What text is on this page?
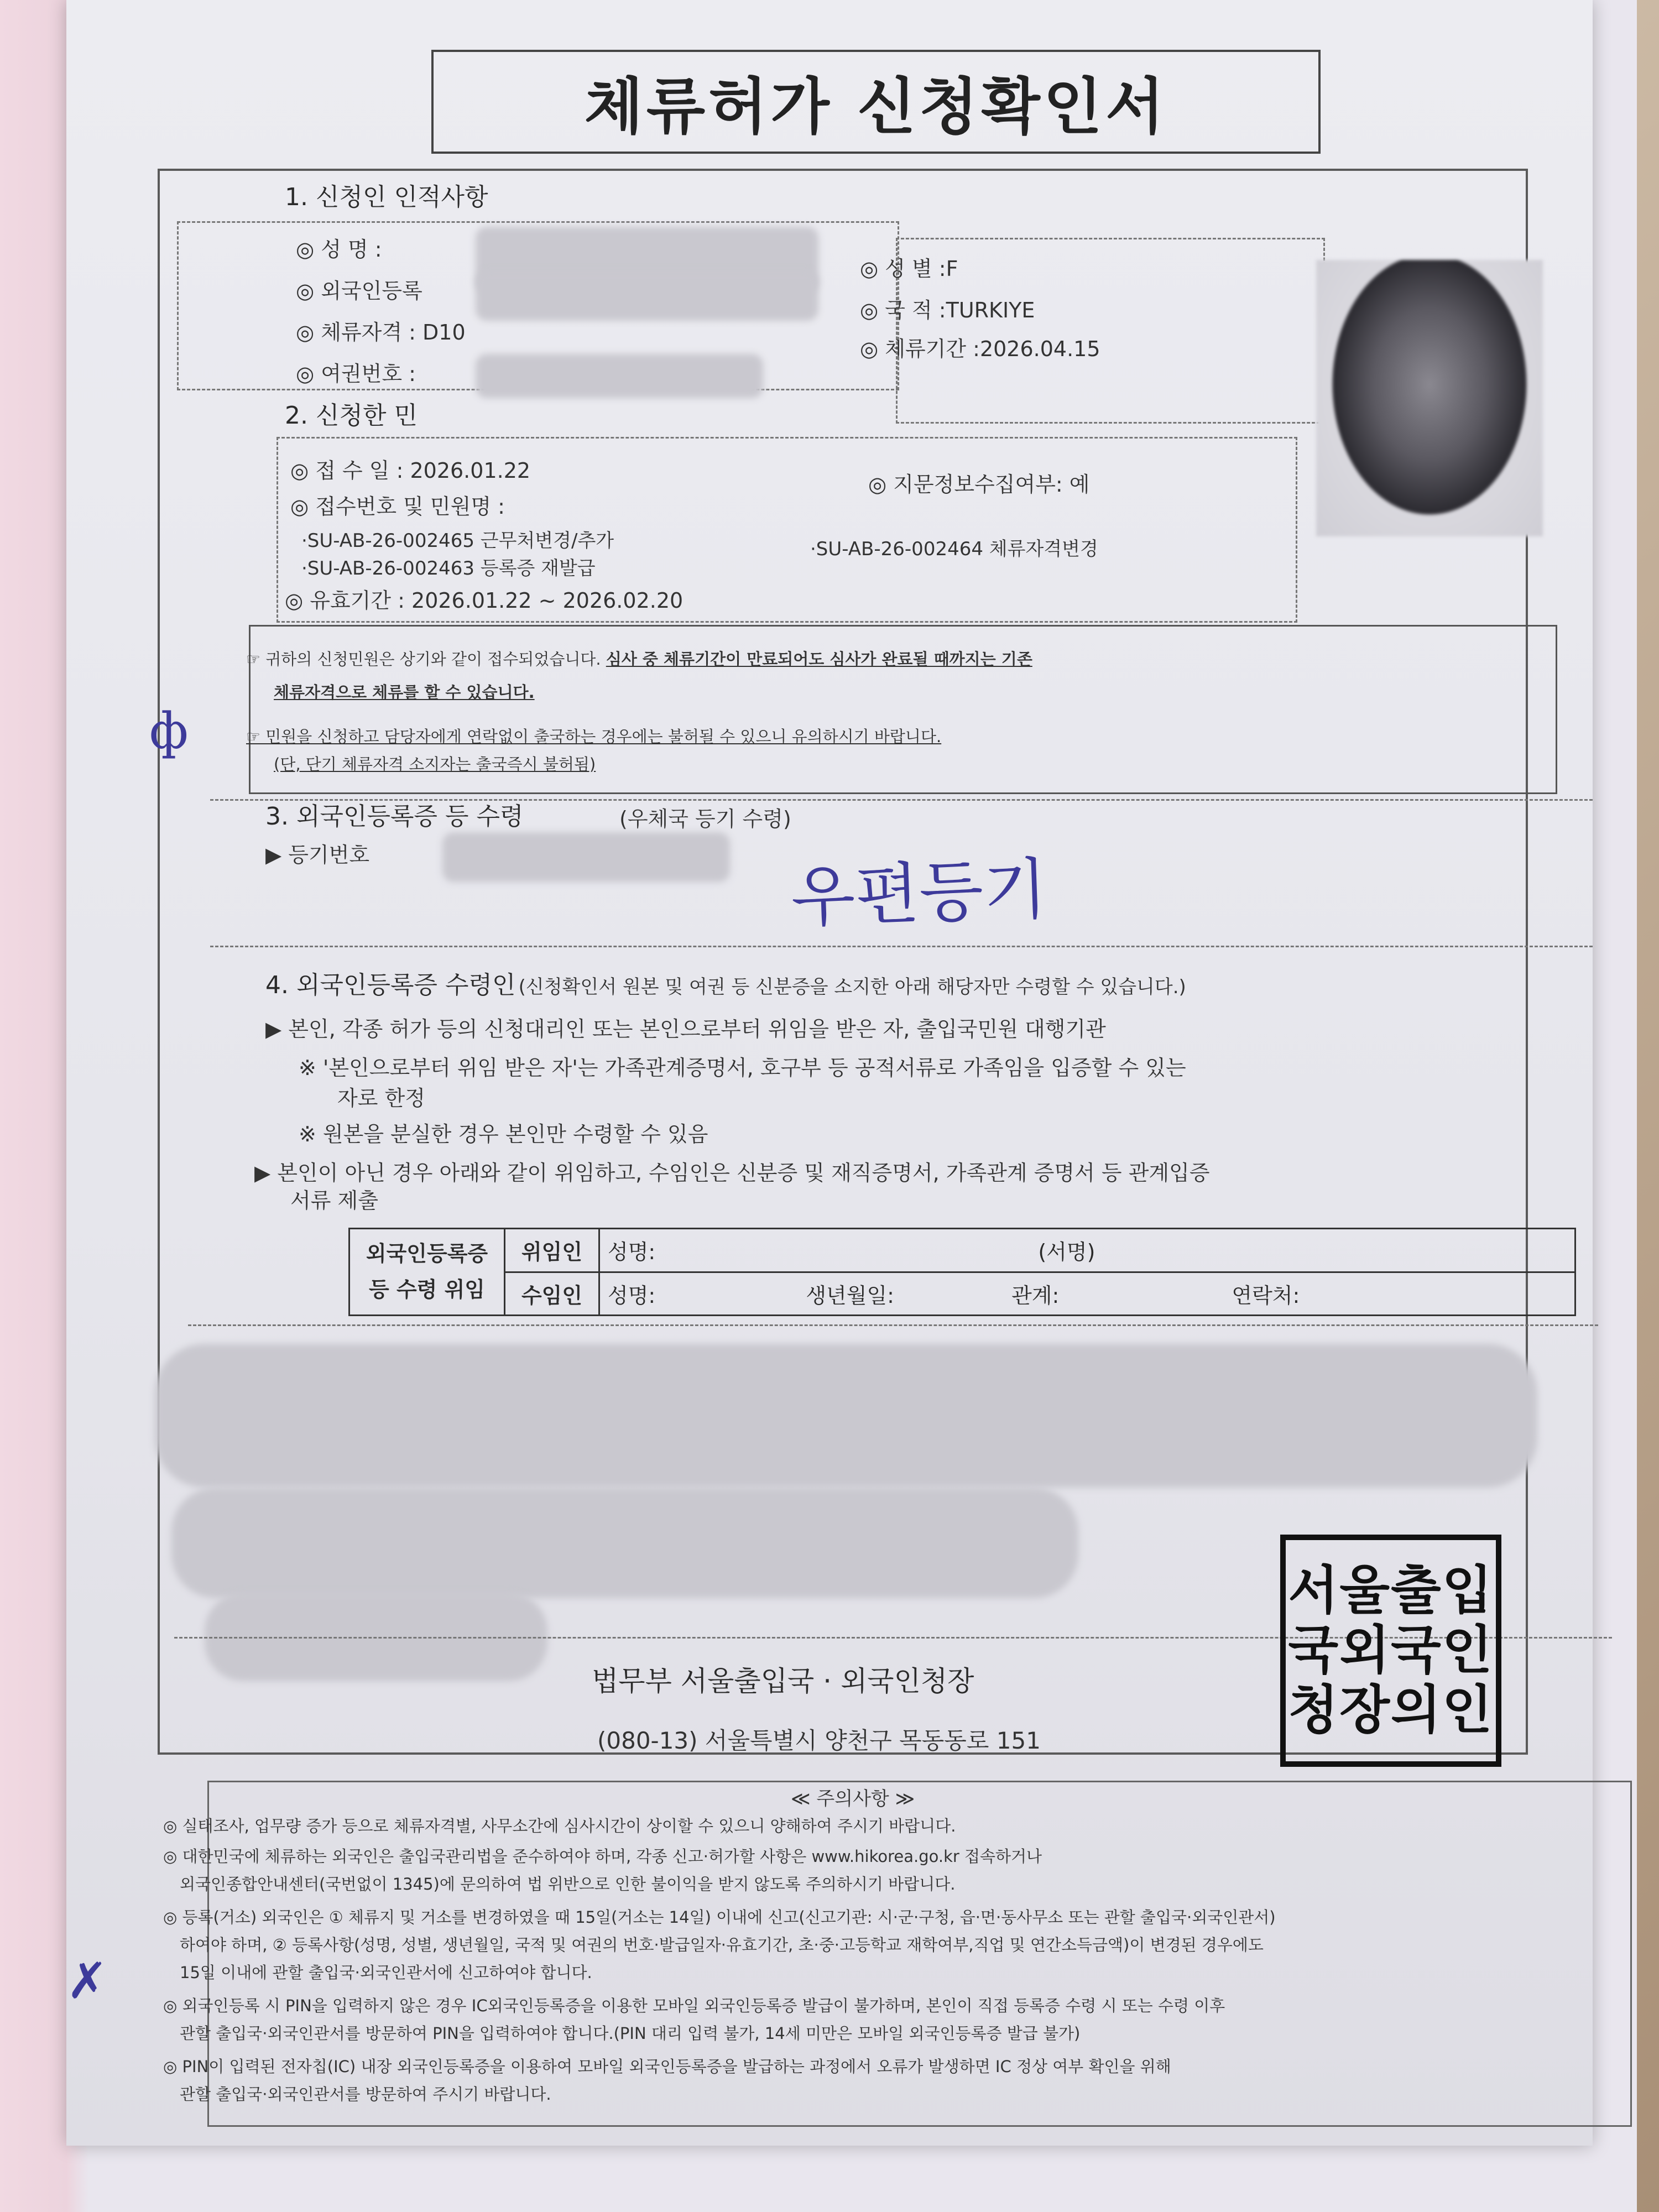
체류허가 신청확인서
1. 신청인 인적사항
◎ 성 명 :
◎ 외국인등록
◎ 체류자격 : D10
◎ 여권번호 :
◎ 성 별 :F
◎ 국 적 :TURKIYE
◎ 체류기간 :2026.04.15
2. 신청한 민
◎ 접 수 일 : 2026.01.22
◎ 지문정보수집여부: 예
◎ 접수번호 및 민원명 :
·SU-AB-26-002465 근무처변경/추가	·SU-AB-26-002464 체류자격변경
·SU-AB-26-002463 등록증 재발급
◎ 유효기간 : 2026.01.22 ~ 2026.02.20
☞ 귀하의 신청민원은 상기와 같이 접수되었습니다. 심사 중 체류기간이 만료되어도 심사가 완료될 때까지는 기존
체류자격으로 체류를 할 수 있습니다.
☞ 민원을 신청하고 담당자에게 연락없이 출국하는 경우에는 불허될 수 있으니 유의하시기 바랍니다.
(단, 단기 체류자격 소지자는 출국즉시 불허됨)
ф
3. 외국인등록증 등 수령	(우체국 등기 수령)
▶ 등기번호	우편등기
4. 외국인등록증 수령인 (신청확인서 원본 및 여권 등 신분증을 소지한 아래 해당자만 수령할 수 있습니다.)
▶ 본인, 각종 허가 등의 신청대리인 또는 본인으로부터 위임을 받은 자, 출입국민원 대행기관
※ '본인으로부터 위임 받은 자'는 가족관계증명서, 호구부 등 공적서류로 가족임을 입증할 수 있는
자로 한정
※ 원본을 분실한 경우 본인만 수령할 수 있음
▶ 본인이 아닌 경우 아래와 같이 위임하고, 수임인은 신분증 및 재직증명서, 가족관계 증명서 등 관계입증
서류 제출
외국인등록증
등 수령 위임	위임인	성명: (서명)
	수임인	성명: 생년월일: 관계: 연락처:
법무부 서울출입국 · 외국인청장
(080-13) 서울특별시 양천구 목동동로 151
서울출입
국외국인
청장의인
≪ 주의사항 ≫
◎ 실태조사, 업무량 증가 등으로 체류자격별, 사무소간에 심사시간이 상이할 수 있으니 양해하여 주시기 바랍니다.
◎ 대한민국에 체류하는 외국인은 출입국관리법을 준수하여야 하며, 각종 신고·허가할 사항은 www.hikorea.go.kr 접속하거나
외국인종합안내센터(국번없이 1345)에 문의하여 법 위반으로 인한 불이익을 받지 않도록 주의하시기 바랍니다.
◎ 등록(거소) 외국인은 ① 체류지 및 거소를 변경하였을 때 15일(거소는 14일) 이내에 신고(신고기관: 시·군·구청, 읍·면·동사무소 또는 관할 출입국·외국인관서)
하여야 하며, ② 등록사항(성명, 성별, 생년월일, 국적 및 여권의 번호·발급일자·유효기간, 초·중·고등학교 재학여부,직업 및 연간소득금액)이 변경된 경우에도
15일 이내에 관할 출입국·외국인관서에 신고하여야 합니다.
◎ 외국인등록 시 PIN을 입력하지 않은 경우 IC외국인등록증을 이용한 모바일 외국인등록증 발급이 불가하며, 본인이 직접 등록증 수령 시 또는 수령 이후
관할 출입국·외국인관서를 방문하여 PIN을 입력하여야 합니다.(PIN 대리 입력 불가, 14세 미만은 모바일 외국인등록증 발급 불가)
◎ PIN이 입력된 전자칩(IC) 내장 외국인등록증을 이용하여 모바일 외국인등록증을 발급하는 과정에서 오류가 발생하면 IC 정상 여부 확인을 위해
관할 출입국·외국인관서를 방문하여 주시기 바랍니다.
✗
